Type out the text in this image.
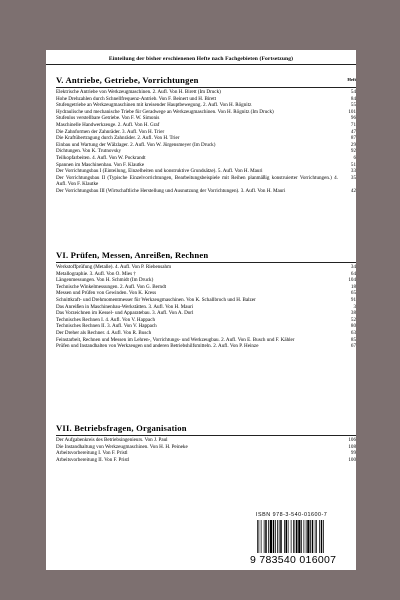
Einteilung der bisher erschienenen Hefte nach Fachgebieten (Fortsetzung)
V. Antriebe, Getriebe, Vorrichtungen	Heft
Elektrische Antriebe von Werkzeugmaschinen. 2. Aufl. Von H. Birett (Im Druck)	54
Hohe Drehzahlen durch Schnellfrequenz-Antrieb. Von F. Beinert und H. Birett	84
Stufengetriebe an Werkzeugmaschinen mit kreisender Hauptbewegung. 2. Aufl. Von H. Rögnitz	55
Hydraulische und mechanische Triebe für Geradwege an Werkzeugmaschinen. Von H. Rögnitz (Im Druck)	101
Stufenlos verstellbare Getriebe. Von F. W. Simonis	96
Maschinelle Handwerkzeuge. 2. Aufl. Von H. Graf	71
Die Zahnformen der Zahnräder. 3. Aufl. Von H. Trier	47
Die Kraftübertragung durch Zahnräder. 2. Aufl. Von H. Trier	87
Einbau und Wartung der Wälzlager. 2. Aufl. Von W. Jürgensmeyer (Im Druck)	29
Dichtungen. Von K. Trutnovsky	92
Teilkopfarbeiten. 4. Aufl. Von W. Pockrandt	6
Spannen im Maschinenbau. Von F. Klautke	51
Der Vorrichtungsbau I (Einteilung, Einzelheiten und konstruktive Grundsätze). 5. Aufl. Von H. Mauri	33
Der Vorrichtungsbau II (Typische Einzelvorrichtungen, Bearbeitungsbeispiele mit Reihen planmäßig konstruierter Vorrichtungen.) 4. Aufl. Von F. Klautke
35
Der Vorrichtungsbau III (Wirtschaftliche Herstellung und Ausnutzung der Vorrichtungen). 3. Aufl. Von H. Mauri	42
VI. Prüfen, Messen, Anreißen, Rechnen
Werkstoffprüfung (Metalle). 4. Aufl. Von P. Riebensahm	34
Metallographie. 3. Aufl. Von O. Mies †	64
Längenmessungen. Von H. Schmidt (Im Druck)	104
Technische Winkelmessungen. 2. Aufl. Von G. Berndt	18
Messen und Prüfen von Gewinden. Von K. Kress	65
Schnittkraft- und Drehmomentmesser für Werkzeugmaschinen. Von K. Schallbroch und H. Balzer	91
Das Anreißen in Maschinenbau-Werkstätten. 3. Aufl. Von H. Mauri	3
Das Vorzeichnen im Kessel- und Apparatebau. 3. Aufl. Von A. Dorl	38
Technisches Rechnen I. 4. Aufl. Von V. Happach	52
Technisches Rechnen II. 3. Aufl. Von V. Happach	80
Der Dreher als Rechner. 4. Aufl. Von R. Busch	63
Feinstarbeit, Rechnen und Messen im Lehren-, Vorrichtungs- und Werkzeugbau. 2. Aufl. Von E. Busch und F. Kähler	85
Prüfen und Instandhalten von Werkzeugen und anderen Betriebshilfsmitteln. 2. Aufl. Von P. Heinze	67
VII. Betriebsfragen, Organisation
Der Aufgabenkreis des Betriebsingenieurs. Von J. Paul	106
Die Instandhaltung von Werkzeugmaschinen. Von H. H. Peineke	108
Arbeitsvorbereitung I. Von F. Pristl	99
Arbeitsvorbereitung II. Von F. Pristl	100
ISBN 978-3-540-01600-7
9 783540 016007
